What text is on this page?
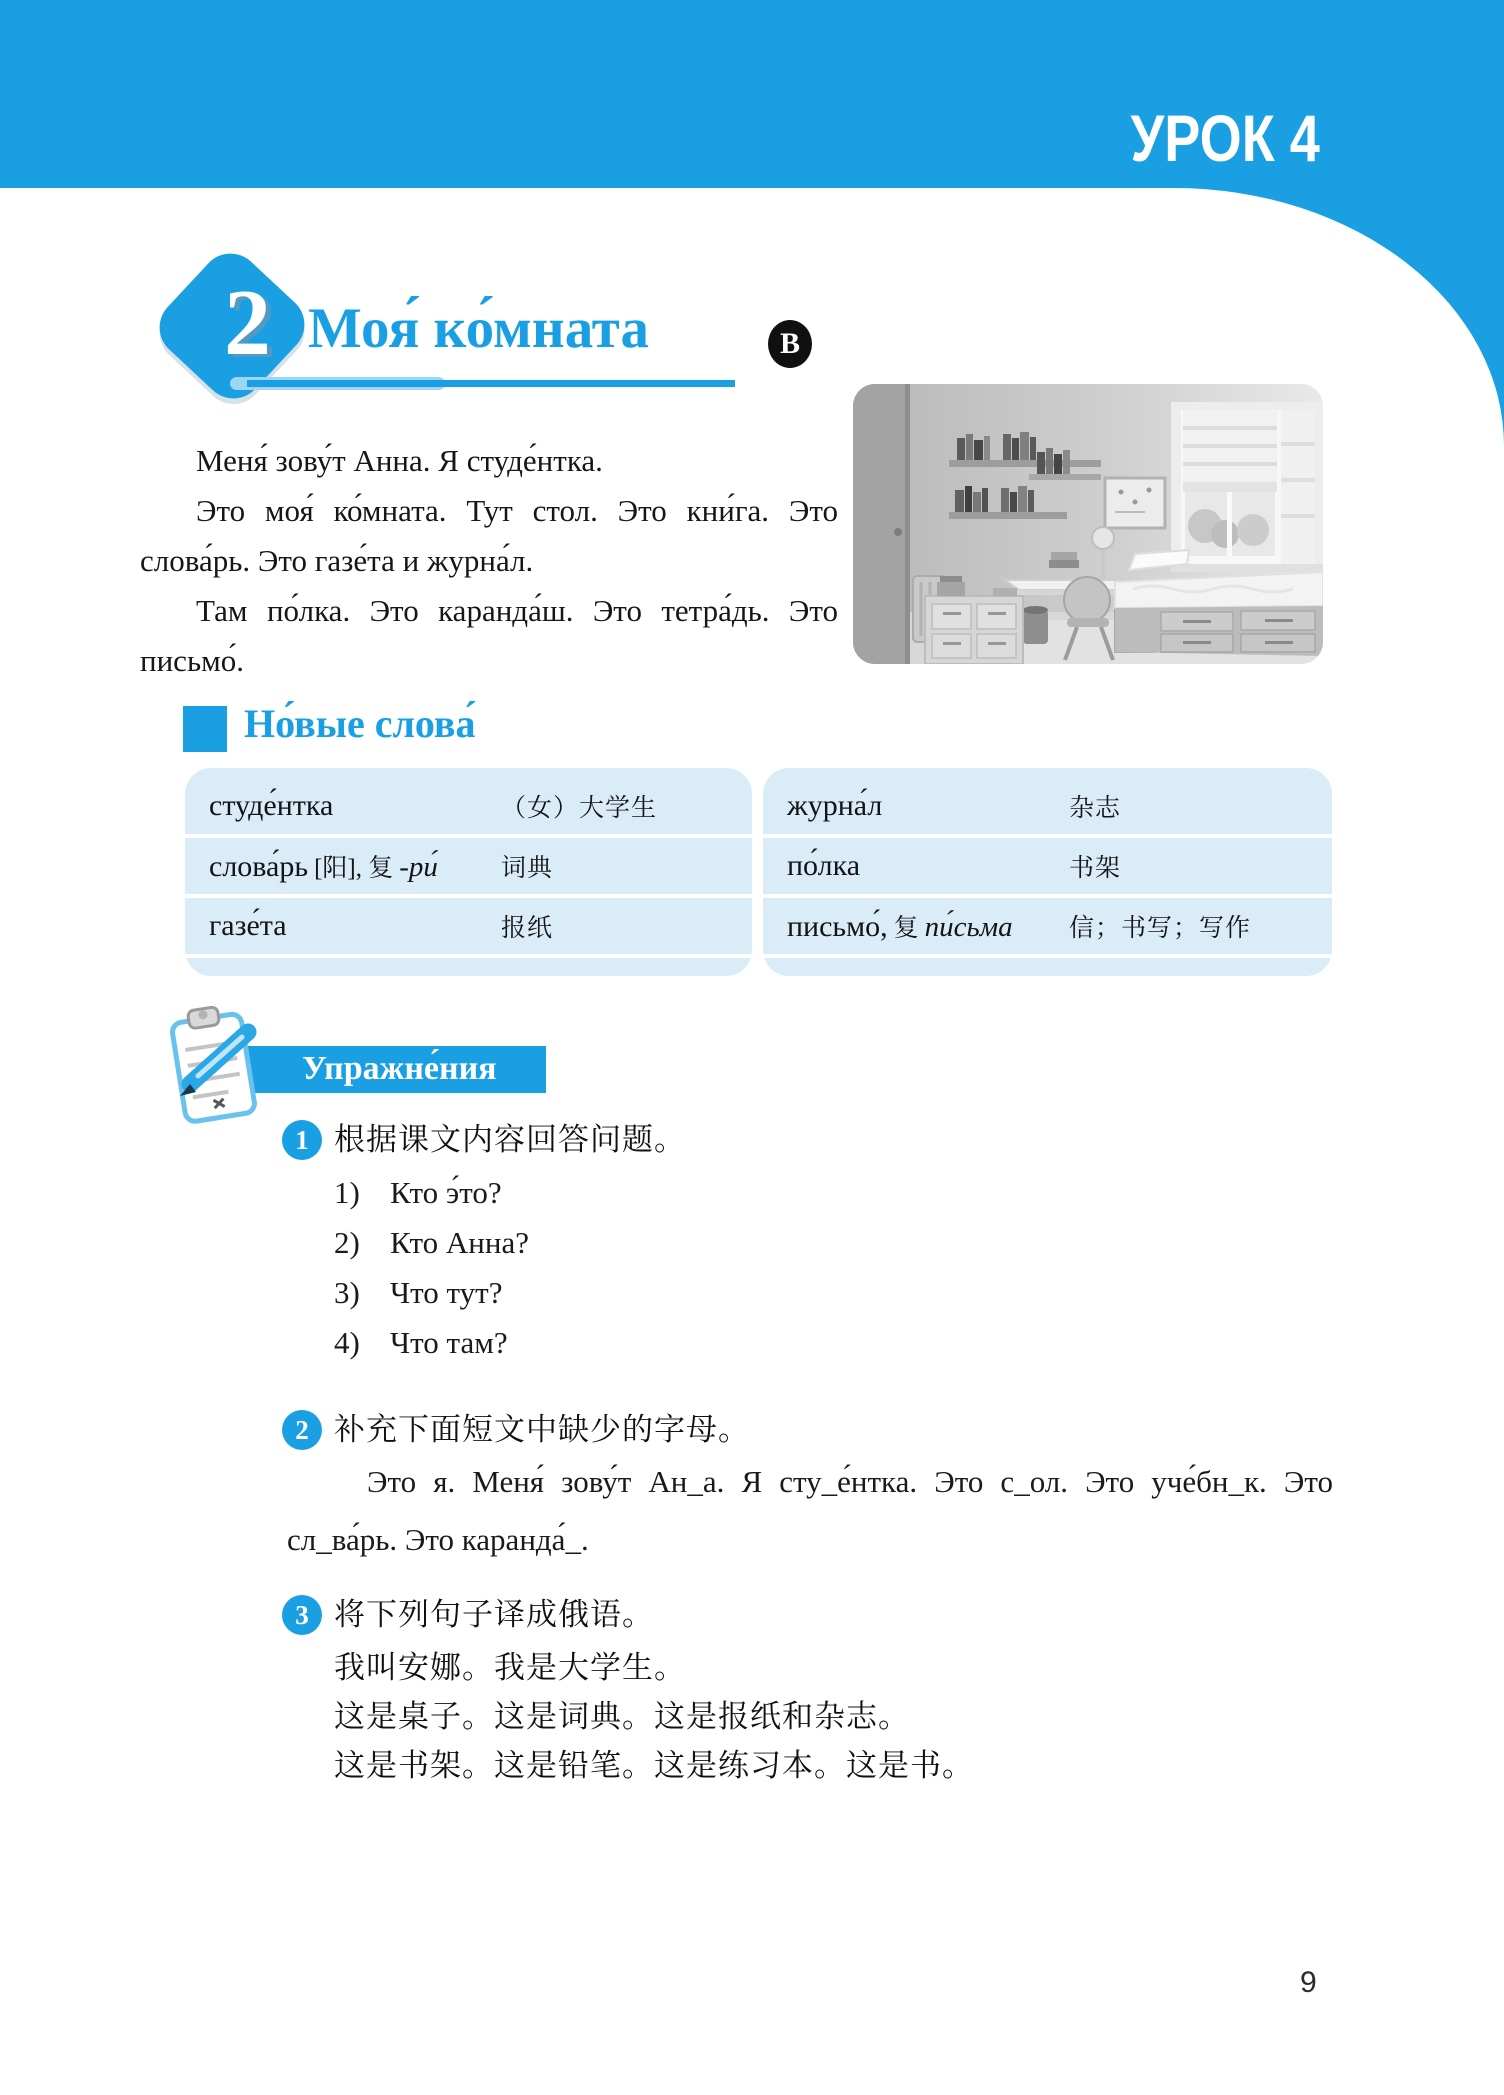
УРОК 4
2 Моя́ ко́мната	B
Меня́ зову́т Анна. Я студе́нтка.
Это моя́ ко́мната. Тут стол. Это кни́га. Это
слова́рь. Это газе́та и журна́л.
Там по́лка. Это каранда́ш. Это тетра́дь. Это
письмо́.
Но́вые слова́
студе́нтка	（女）大学生
слова́рь [阳], 复 -ри́	词典
газе́та	报纸
журна́л	杂志
по́лка	书架
письмо́, 复 пи́сьма 信；书写；写作
Упражне́ния
1 根据课文内容回答问题。
1) Кто э́то?
2) Кто Анна?
3) Что тут?
4) Что там?
2 补充下面短文中缺少的字母。
Это я. Меня́ зову́т Ан_а. Я сту_е́нтка. Это с_ол. Это уче́бн_к. Это
сл_ва́рь. Это каранда́_.
3 将下列句子译成俄语。
我叫安娜。我是大学生。
这是桌子。这是词典。这是报纸和杂志。
这是书架。这是铅笔。这是练习本。这是书。
9
